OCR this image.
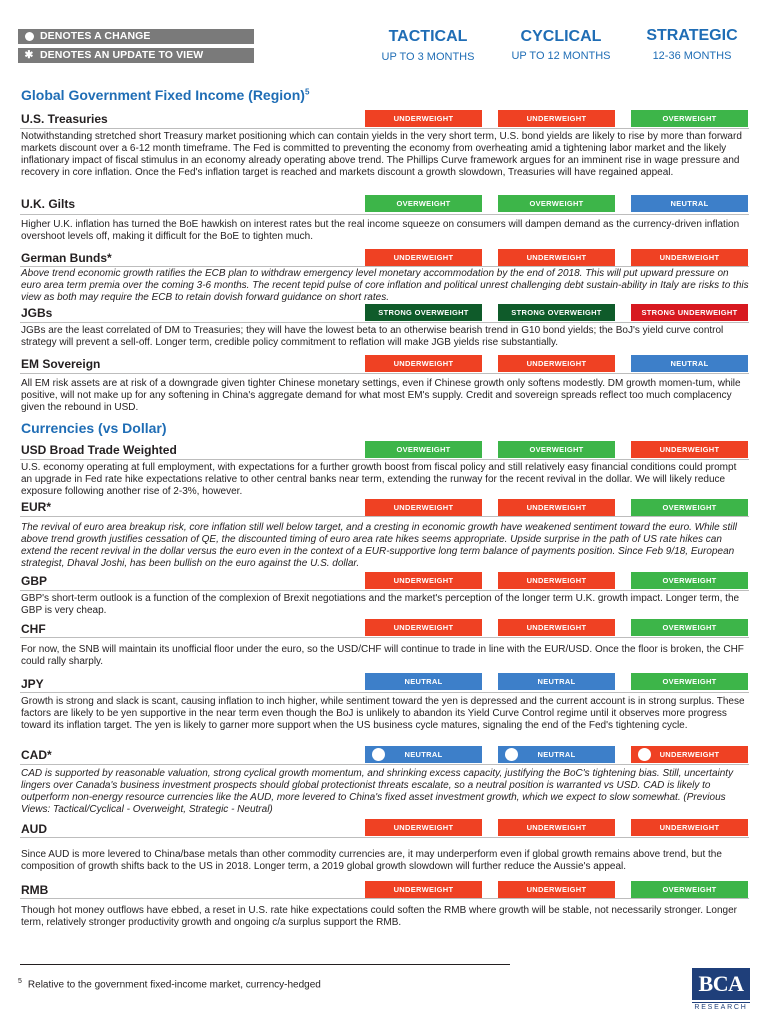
DENOTES A CHANGE
✱ DENOTES AN UPDATE TO VIEW RATIONALE
TACTICAL
UP TO 3 MONTHS
CYCLICAL
UP TO 12 MONTHS
STRATEGIC
12-36 MONTHS
Global Government Fixed Income (Region)$^5$
Currencies (vs Dollar)
U.S. Treasuries	UNDERWEIGHT	UNDERWEIGHT	OVERWEIGHT
Notwithstanding stretched short Treasury market positioning which can contain yields in the very short term, U.S. bond yields are likely to rise by more than forward markets discount over a 6-12 month timeframe. The Fed is committed to preventing the economy from overheating amid a tightening labor market and the likely inflationary impact of fiscal stimulus in an economy already operating above trend. The Phillips Curve framework argues for an imminent rise in wage pressure and recovery in core inflation. Once the Fed's inflation target is reached and markets discount a growth slowdown, Treasuries will have regained appeal.
U.K. Gilts	OVERWEIGHT	OVERWEIGHT	NEUTRAL
Higher U.K. inflation has turned the BoE hawkish on interest rates but the real income squeeze on consumers will dampen demand as the currency-driven inflation overshoot levels off, making it difficult for the BoE to tighten much.
German Bunds*	UNDERWEIGHT	UNDERWEIGHT	UNDERWEIGHT
Above trend economic growth ratifies the ECB plan to withdraw emergency level monetary accommodation by the end of 2018. This will put upward pressure on euro area term premia over the coming 3-6 months. The recent tepid pulse of core inflation and political unrest challenging debt sustain-ability in Italy are risks to this view as both may require the ECB to retain dovish forward guidance on short rates.
JGBs	STRONG OVERWEIGHT	STRONG OVERWEIGHT	STRONG UNDERWEIGHT
JGBs are the least correlated of DM to Treasuries; they will have the lowest beta to an otherwise bearish trend in G10 bond yields; the BoJ's yield curve control strategy will prevent a sell-off. Longer term, credible policy commitment to reflation will make JGB yields rise substantially.
EM Sovereign	UNDERWEIGHT	UNDERWEIGHT	NEUTRAL
All EM risk assets are at risk of a downgrade given tighter Chinese monetary settings, even if Chinese growth only softens modestly. DM growth momen-tum, while positive, will not make up for any softening in China's aggregate demand for what most EM's supply. Credit and sovereign spreads reflect too much complacency given the rebound in USD.
USD Broad Trade Weighted	OVERWEIGHT	OVERWEIGHT	UNDERWEIGHT
U.S. economy operating at full employment, with expectations for a further growth boost from fiscal policy and still relatively easy financial conditions could prompt an upgrade in Fed rate hike expectations relative to other central banks near term, extending the runway for the recent revival in the dollar. We will likely reduce exposure following another rise of 2-3%, however.
EUR*	UNDERWEIGHT	UNDERWEIGHT	OVERWEIGHT
The revival of euro area breakup risk, core inflation still well below target, and a cresting in economic growth have weakened sentiment toward the euro. While still above trend growth justifies cessation of QE, the discounted timing of euro area rate hikes seems appropriate. Upside surprise in the path of US rate hikes can extend the recent revival in the dollar versus the euro even in the context of a EUR-supportive long term balance of payments position. Since Feb 9/18, European strategist, Dhaval Joshi, has been bullish on the euro against the U.S. dollar.
GBP	UNDERWEIGHT	UNDERWEIGHT	OVERWEIGHT
GBP's short-term outlook is a function of the complexion of Brexit negotiations and the market's perception of the longer term U.K. growth impact. Longer term, the GBP is very cheap.
CHF	UNDERWEIGHT	UNDERWEIGHT	OVERWEIGHT
For now, the SNB will maintain its unofficial floor under the euro, so the USD/CHF will continue to trade in line with the EUR/USD. Once the floor is broken, the CHF could rally sharply.
JPY	NEUTRAL	NEUTRAL	OVERWEIGHT
Growth is strong and slack is scant, causing inflation to inch higher, while sentiment toward the yen is depressed and the current account is in strong surplus. These factors are likely to be yen supportive in the near term even though the BoJ is unlikely to abandon its Yield Curve Control regime until it observes more progress toward its inflation target. The yen is likely to garner more support when the US business cycle matures, signaling the end of the Fed's tightening cycle.
CAD*	NEUTRAL	NEUTRAL	UNDERWEIGHT
CAD is supported by reasonable valuation, strong cyclical growth momentum, and shrinking excess capacity, justifying the BoC's tightening bias. Still, uncertainty lingers over Canada's business investment prospects should global protectionist threats escalate, so a neutral position is warranted vs USD. CAD is likely to outperform non-energy resource currencies like the AUD, more levered to China's fixed asset investment growth, which we expect to slow somewhat. (Previous Views: Tactical/Cyclical - Overweight, Strategic - Neutral)
AUD	UNDERWEIGHT	UNDERWEIGHT	UNDERWEIGHT
Since AUD is more levered to China/base metals than other commodity currencies are, it may underperform even if global growth remains above trend, but the composition of growth shifts back to the US in 2018. Longer term, a 2019 global growth slowdown will further reduce the Aussie's appeal.
RMB	UNDERWEIGHT	UNDERWEIGHT	OVERWEIGHT
Though hot money outflows have ebbed, a reset in U.S. rate hike expectations could soften the RMB where growth will be stable, not necessarily stronger. Longer term, relatively stronger productivity growth and ongoing c/a surplus support the RMB.
$^5$ Relative to the government fixed-income market, currency-hedged	BCA
RESEARCH
